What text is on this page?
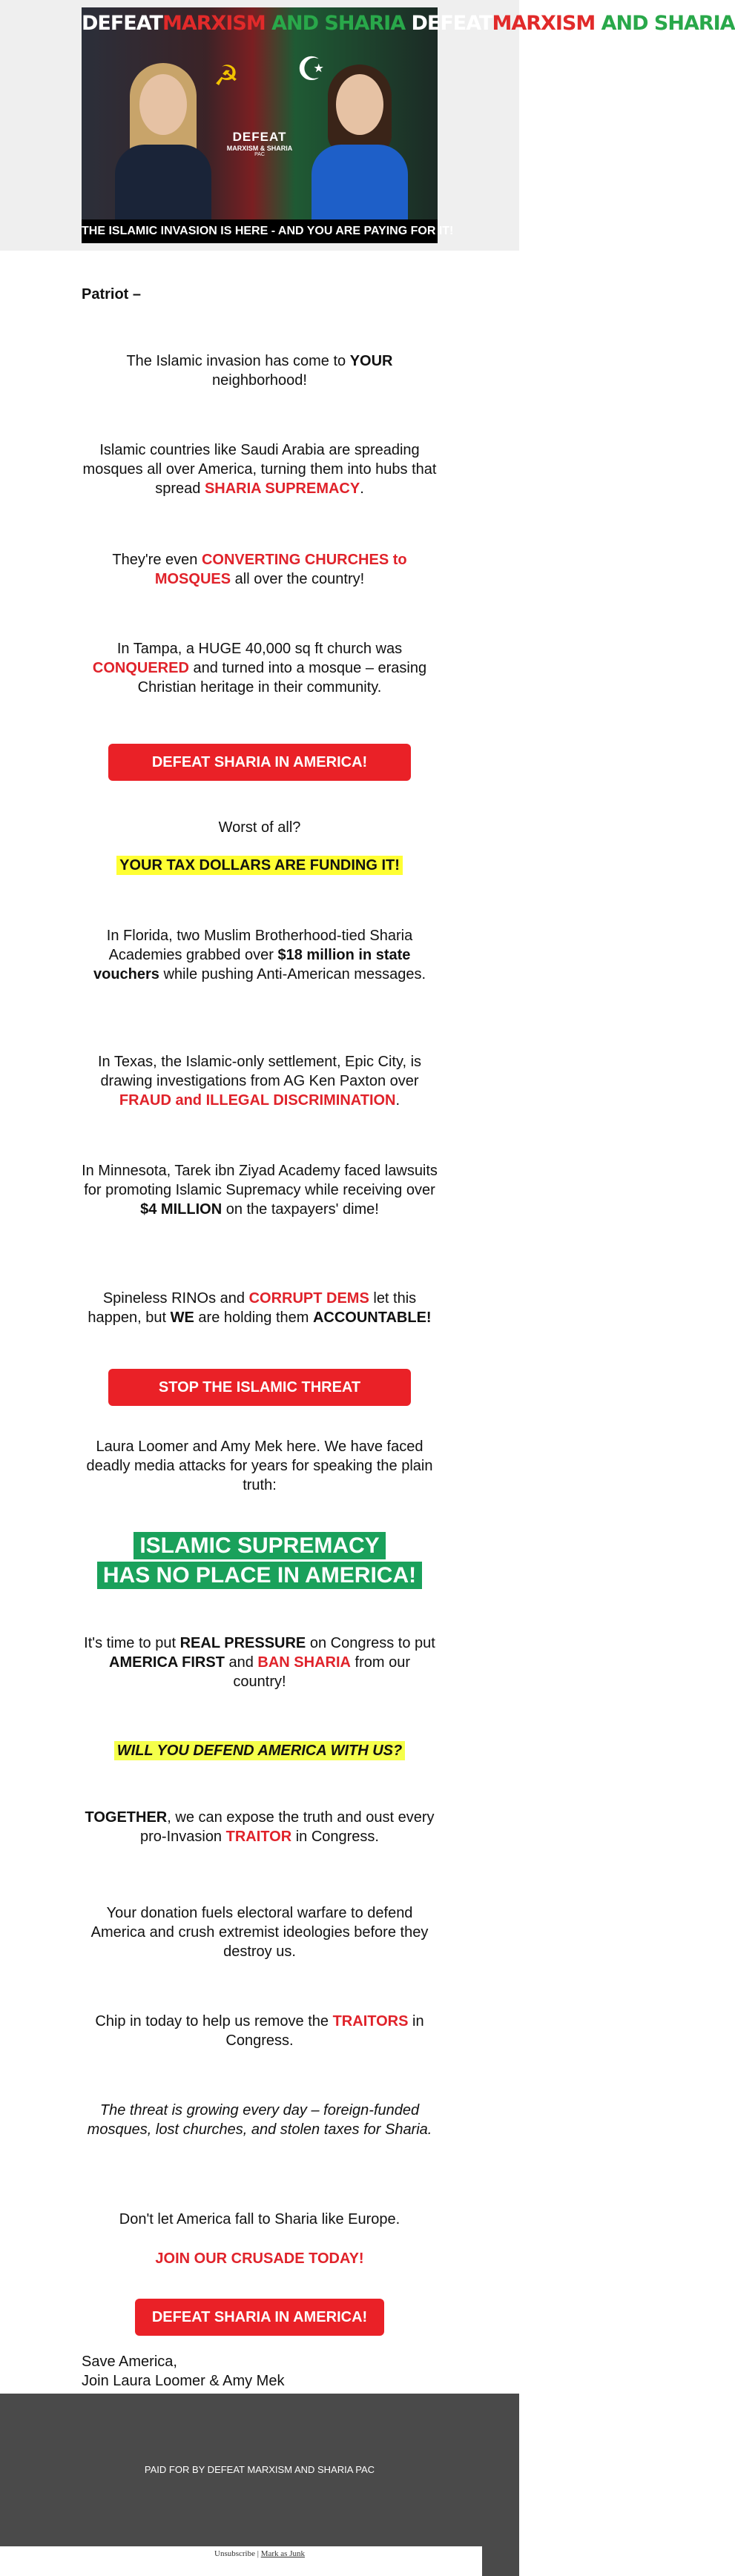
DEFEATMARXISM AND SHARIA DEFEATMARXISM AND SHARIA
☭ ☪
DEFEAT
MARXISM & SHARIA
PAC
THE ISLAMIC INVASION IS HERE - AND YOU ARE PAYING FOR IT!
Patriot –
The Islamic invasion has come to YOUR neighborhood!
Islamic countries like Saudi Arabia are spreading mosques all over America, turning them into hubs that spread SHARIA SUPREMACY.
They're even CONVERTING CHURCHES to MOSQUES all over the country!
In Tampa, a HUGE 40,000 sq ft church was CONQUERED and turned into a mosque – erasing Christian heritage in their community.
DEFEAT SHARIA IN AMERICA!
Worst of all?
YOUR TAX DOLLARS ARE FUNDING IT!
In Florida, two Muslim Brotherhood-tied Sharia Academies grabbed over $18 million in state vouchers while pushing Anti-American messages.
In Texas, the Islamic-only settlement, Epic City, is drawing investigations from AG Ken Paxton over FRAUD and ILLEGAL DISCRIMINATION.
In Minnesota, Tarek ibn Ziyad Academy faced lawsuits for promoting Islamic Supremacy while receiving over $4 MILLION on the taxpayers' dime!
Spineless RINOs and CORRUPT DEMS let this happen, but WE are holding them ACCOUNTABLE!
STOP THE ISLAMIC THREAT
Laura Loomer and Amy Mek here. We have faced deadly media attacks for years for speaking the plain truth:
ISLAMIC SUPREMACY
HAS NO PLACE IN AMERICA!
It's time to put REAL PRESSURE on Congress to put AMERICA FIRST and BAN SHARIA from our country!
WILL YOU DEFEND AMERICA WITH US?
TOGETHER, we can expose the truth and oust every pro-Invasion TRAITOR in Congress.
Your donation fuels electoral warfare to defend America and crush extremist ideologies before they destroy us.
Chip in today to help us remove the TRAITORS in Congress.
The threat is growing every day – foreign-funded mosques, lost churches, and stolen taxes for Sharia.
Don't let America fall to Sharia like Europe.
JOIN OUR CRUSADE TODAY!
DEFEAT SHARIA IN AMERICA!
Save America,
Join Laura Loomer & Amy Mek
PAID FOR BY DEFEAT MARXISM AND SHARIA PAC
Unsubscribe | Mark as Junk
